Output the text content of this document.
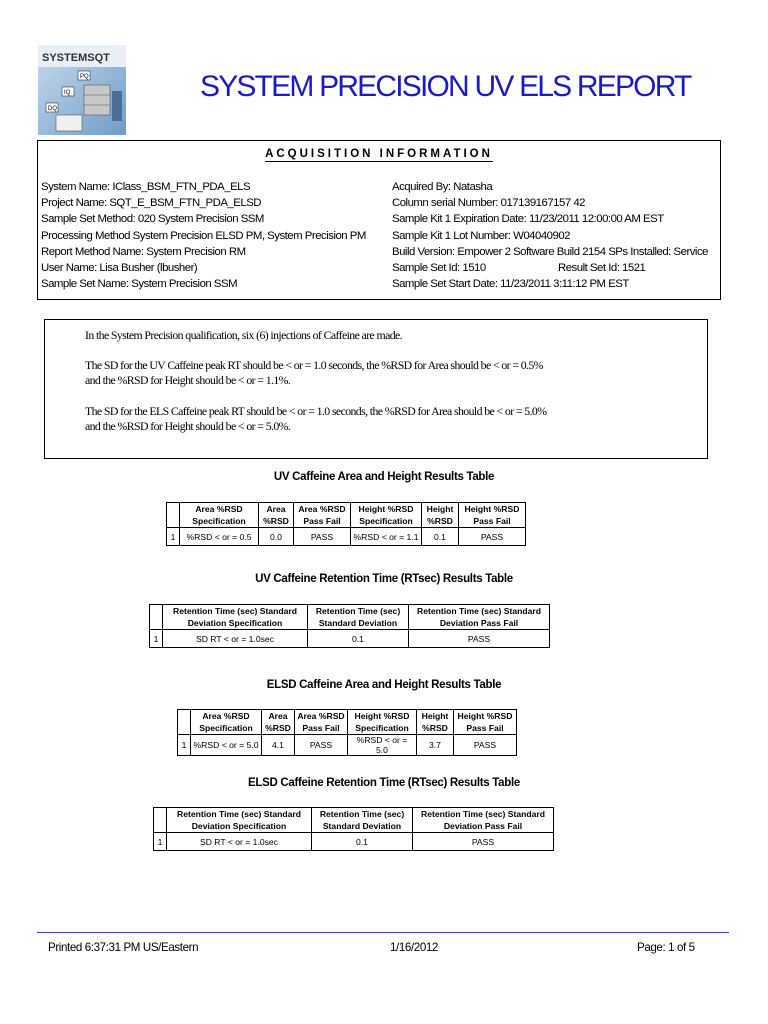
SYSTEMSQT
PQ
IQ
DQ
SYSTEM PRECISION UV ELS REPORT
ACQUISITION INFORMATION
System Name: IClass_BSM_FTN_PDA_ELS
Project Name: SQT_E_BSM_FTN_PDA_ELSD
Sample Set Method: 020 System Precision SSM
Processing Method System Precision ELSD PM, System Precision PM
Report Method Name: System Precision RM
User Name: Lisa Busher (lbusher)
Sample Set Name: System Precision SSM
Acquired By: Natasha
Column serial Number: 017139167157 42
Sample Kit 1 Expiration Date: 11/23/2011 12:00:00 AM EST
Sample Kit 1 Lot Number: W04040902
Build Version: Empower 2 Software Build 2154 SPs Installed: Service
Sample Set Id: 1510	Result Set Id: 1521
Sample Set Start Date: 11/23/2011 3:11:12 PM EST

In the System Precision qualification, six (6) injections of Caffeine are made.

The SD for the UV Caffeine peak RT should be < or = 1.0 seconds, the %RSD for Area should be < or = 0.5%

and the %RSD for Height should be < or = 1.1%.

The SD for the ELS Caffeine peak RT should be < or = 1.0 seconds, the %RSD for Area should be < or = 5.0%

and the %RSD for Height should be < or = 5.0%.

UV Caffeine Area and Height Results Table
	Area %RSD Specification	Area %RSD	Area %RSD Pass Fail	Height %RSD Specification	Height %RSD	Height %RSD Pass Fail
1	%RSD < or = 0.5	0.0	PASS	%RSD < or = 1.1	0.1	PASS
UV Caffeine Retention Time (RTsec) Results Table
	Retention Time (sec) Standard Deviation Specification	Retention Time (sec) Standard Deviation	Retention Time (sec) Standard Deviation Pass Fail
1	SD RT < or = 1.0sec	0.1	PASS
ELSD Caffeine Area and Height Results Table
	Area %RSD Specification	Area %RSD	Area %RSD Pass Fail	Height %RSD Specification	Height %RSD	Height %RSD Pass Fail
1	%RSD < or = 5.0	4.1	PASS	%RSD < or = 5.0	3.7	PASS
ELSD Caffeine Retention Time (RTsec) Results Table
	Retention Time (sec) Standard Deviation Specification	Retention Time (sec) Standard Deviation	Retention Time (sec) Standard Deviation Pass Fail
1	SD RT < or = 1.0sec	0.1	PASS
Printed 6:37:31 PM US/Eastern	1/16/2012	Page: 1 of 5
